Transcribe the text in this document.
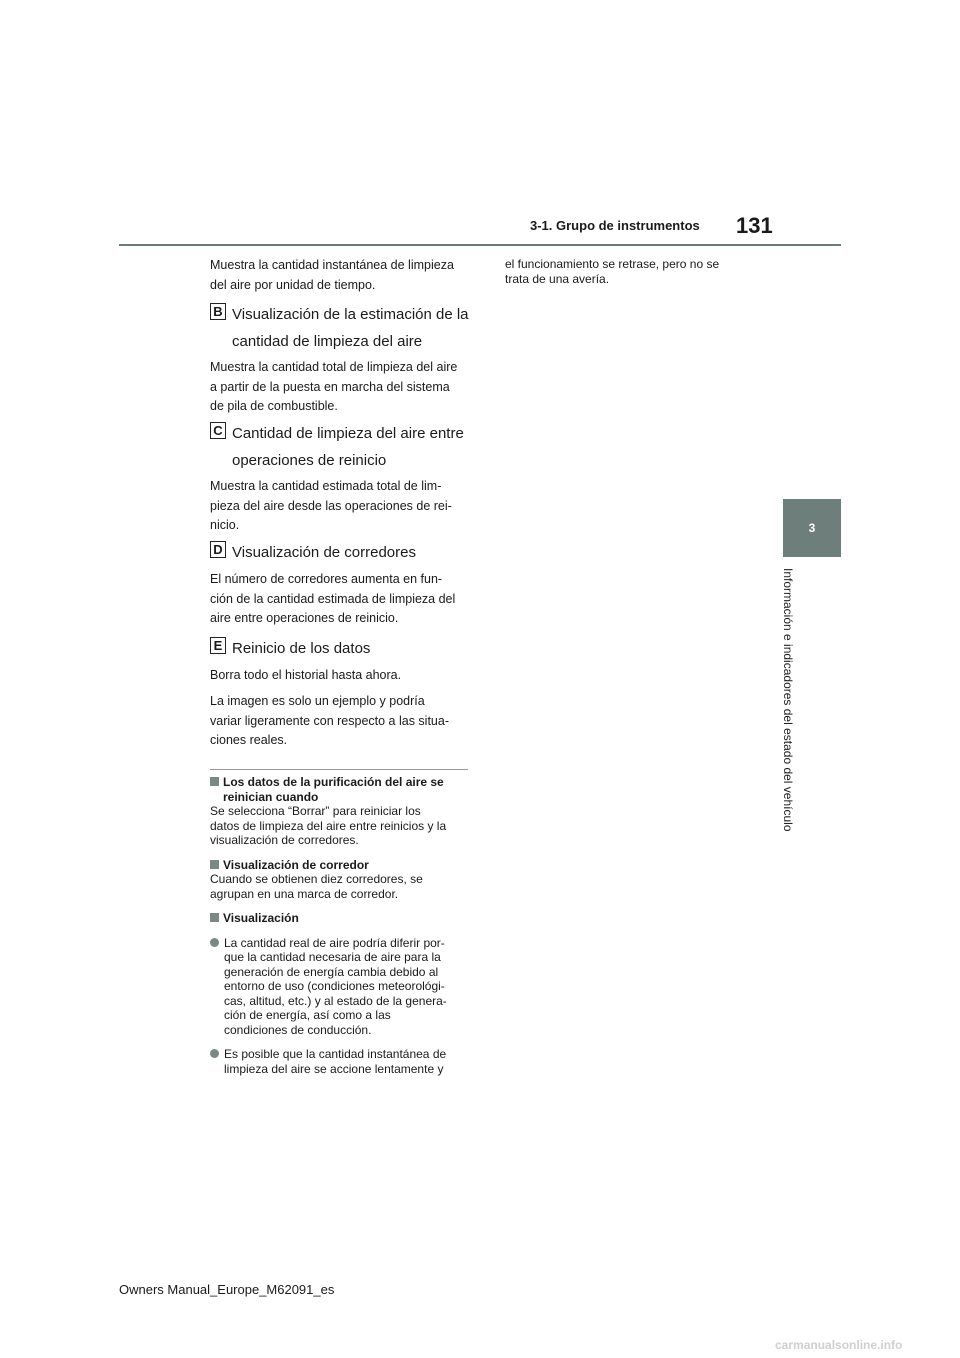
3-1. Grupo de instrumentos 131
3
Información e indicadores del estado del vehículo
Muestra la cantidad instantánea de limpieza
del aire por unidad de tiempo.
B Visualización de la estimación de la
cantidad de limpieza del aire
Muestra la cantidad total de limpieza del aire
a partir de la puesta en marcha del sistema
de pila de combustible.
C Cantidad de limpieza del aire entre
operaciones de reinicio
Muestra la cantidad estimada total de lim-
pieza del aire desde las operaciones de rei-
nicio.
D Visualización de corredores
El número de corredores aumenta en fun-
ción de la cantidad estimada de limpieza del
aire entre operaciones de reinicio.
E Reinicio de los datos
Borra todo el historial hasta ahora.
La imagen es solo un ejemplo y podría
variar ligeramente con respecto a las situa-
ciones reales.
Los datos de la purificación del aire se
reinician cuando
Se selecciona “Borrar” para reiniciar los
datos de limpieza del aire entre reinicios y la
visualización de corredores.
Visualización de corredor
Cuando se obtienen diez corredores, se
agrupan en una marca de corredor.
Visualización
La cantidad real de aire podría diferir por-
que la cantidad necesaria de aire para la
generación de energía cambia debido al
entorno de uso (condiciones meteorológi-
cas, altitud, etc.) y al estado de la genera-
ción de energía, así como a las
condiciones de conducción.
Es posible que la cantidad instantánea de
limpieza del aire se accione lentamente y
el funcionamiento se retrase, pero no se
trata de una avería.
Owners Manual_Europe_M62091_es
carmanualsonline.info
